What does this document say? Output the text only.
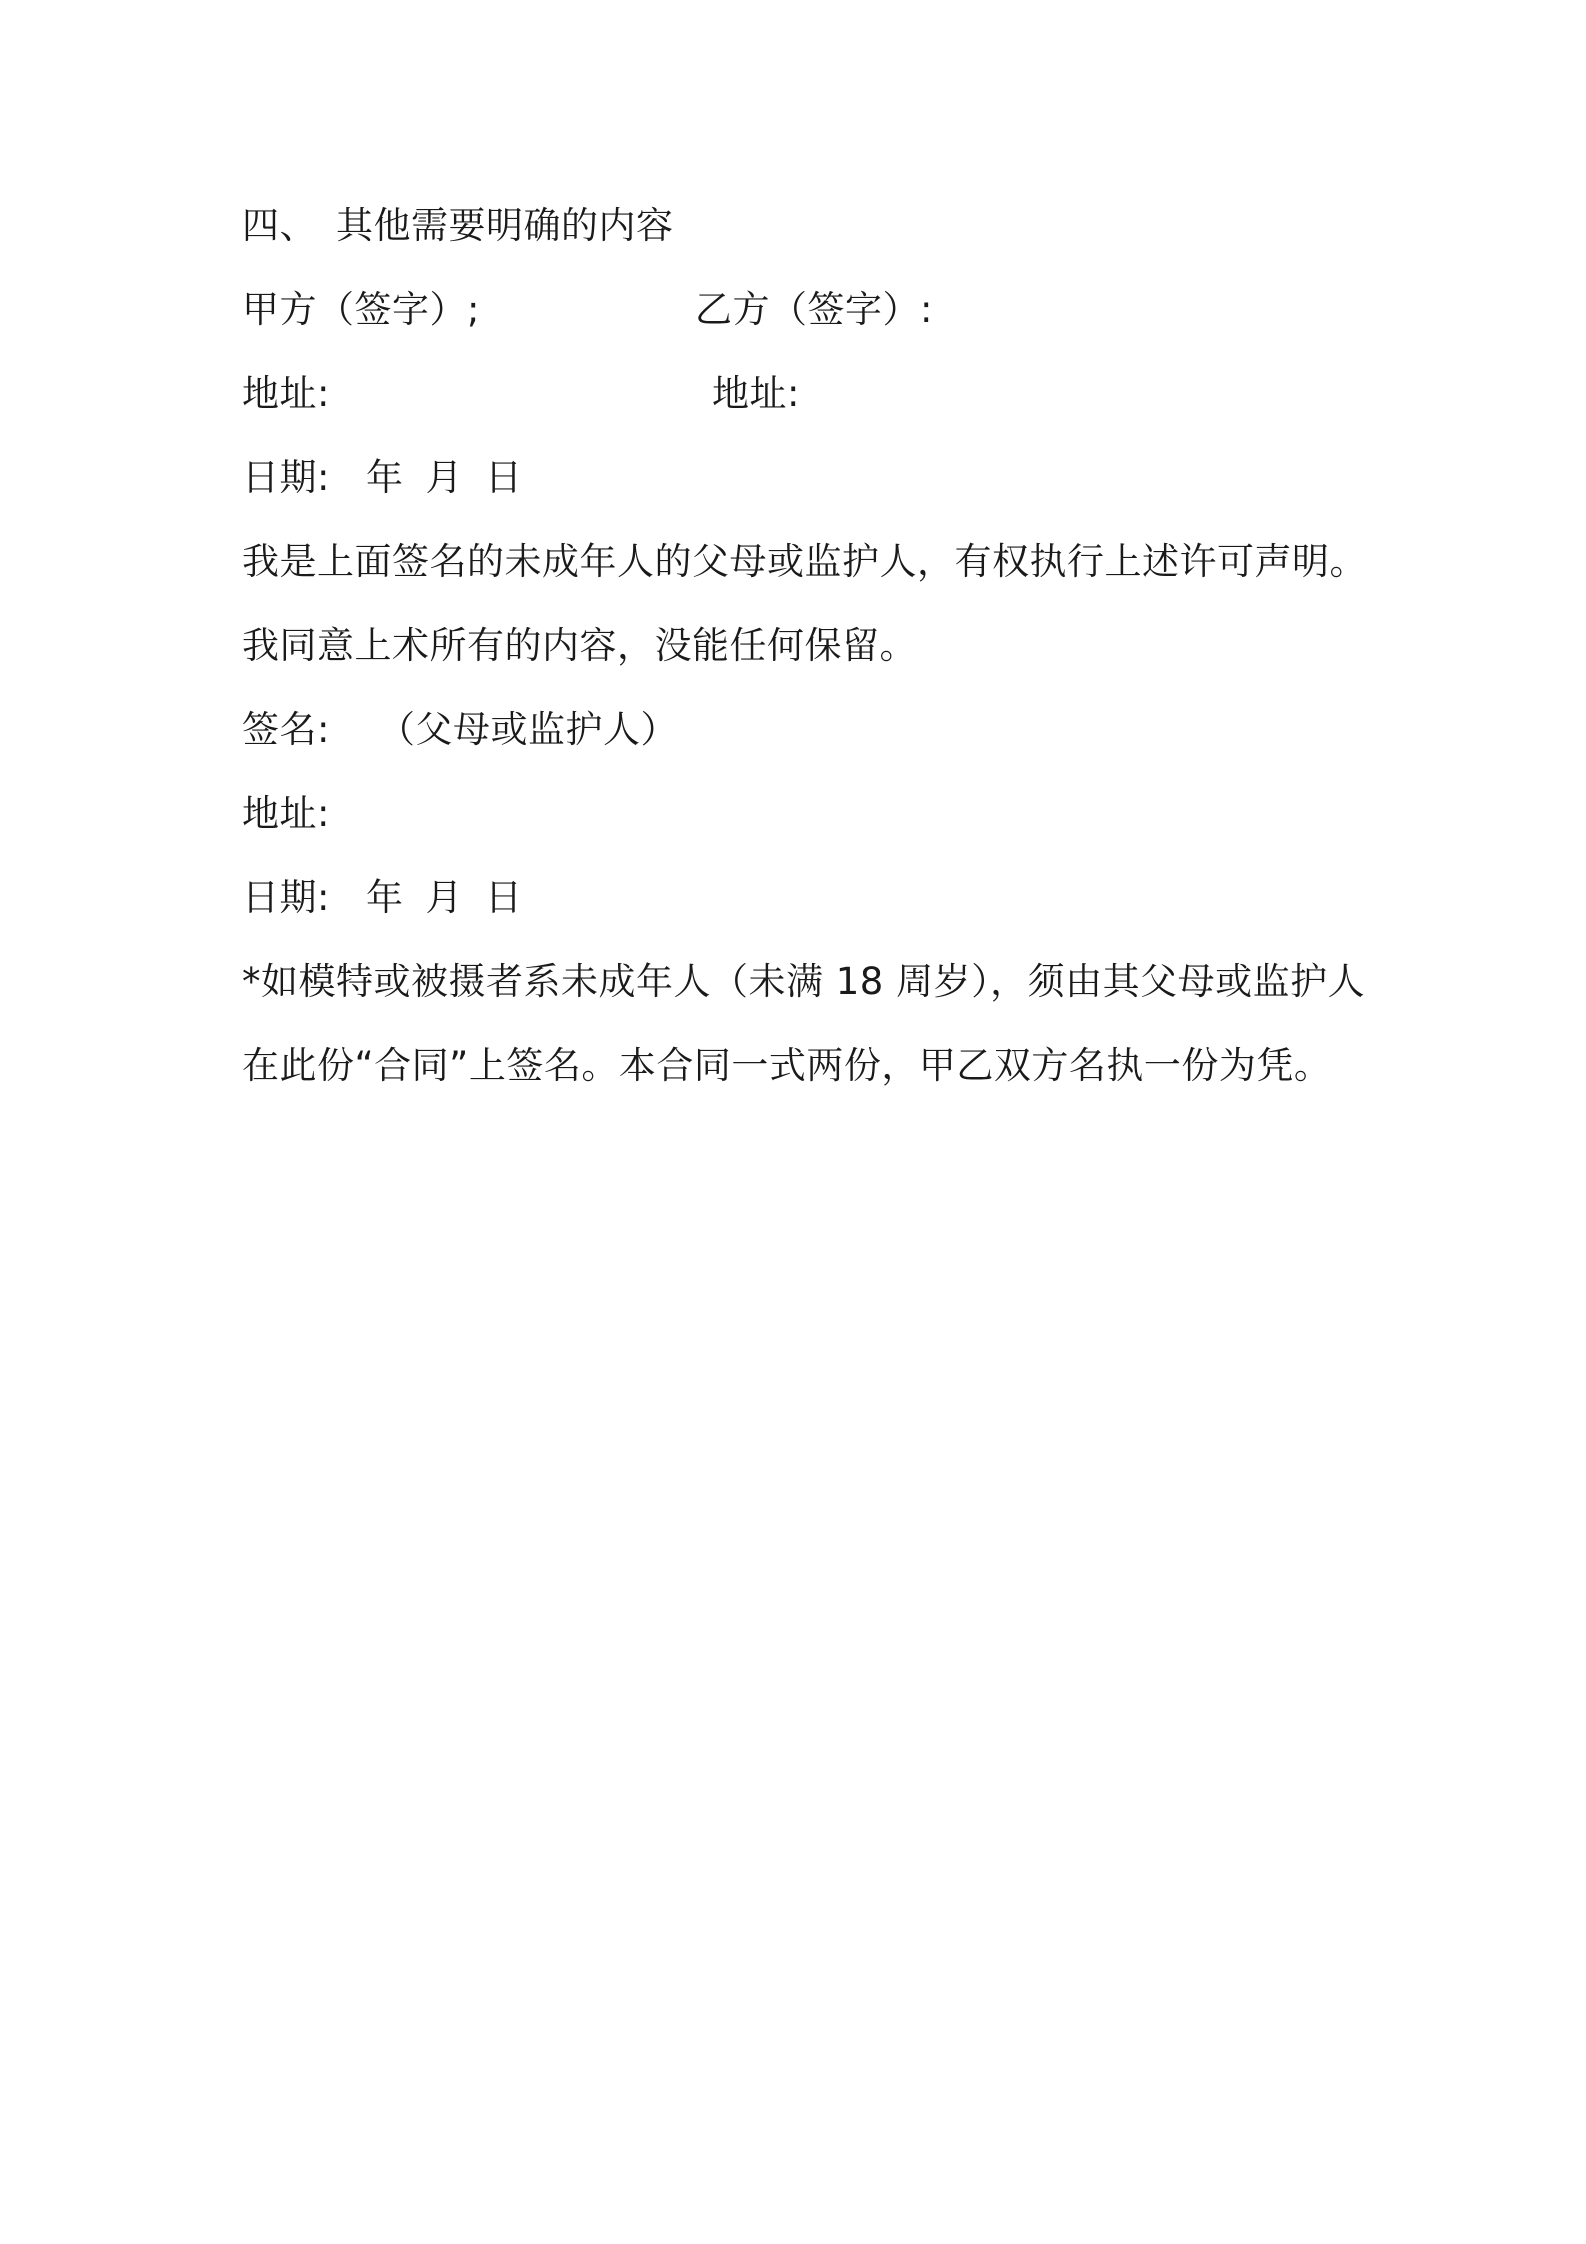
四、 其他需要明确的内容
甲方（签字）;	乙方（签字）:
地址:	地址:
日期: 年 月 日
我是上面签名的未成年人的父母或监护人，有权执行上述许可声明。
我同意上术所有的内容，没能任何保留。
签名: （父母或监护人）
地址:
日期: 年 月 日
*如模特或被摄者系未成年人（未满 18 周岁），须由其父母或监护人
在此份“合同”上签名。本合同一式两份，甲乙双方名执一份为凭。
